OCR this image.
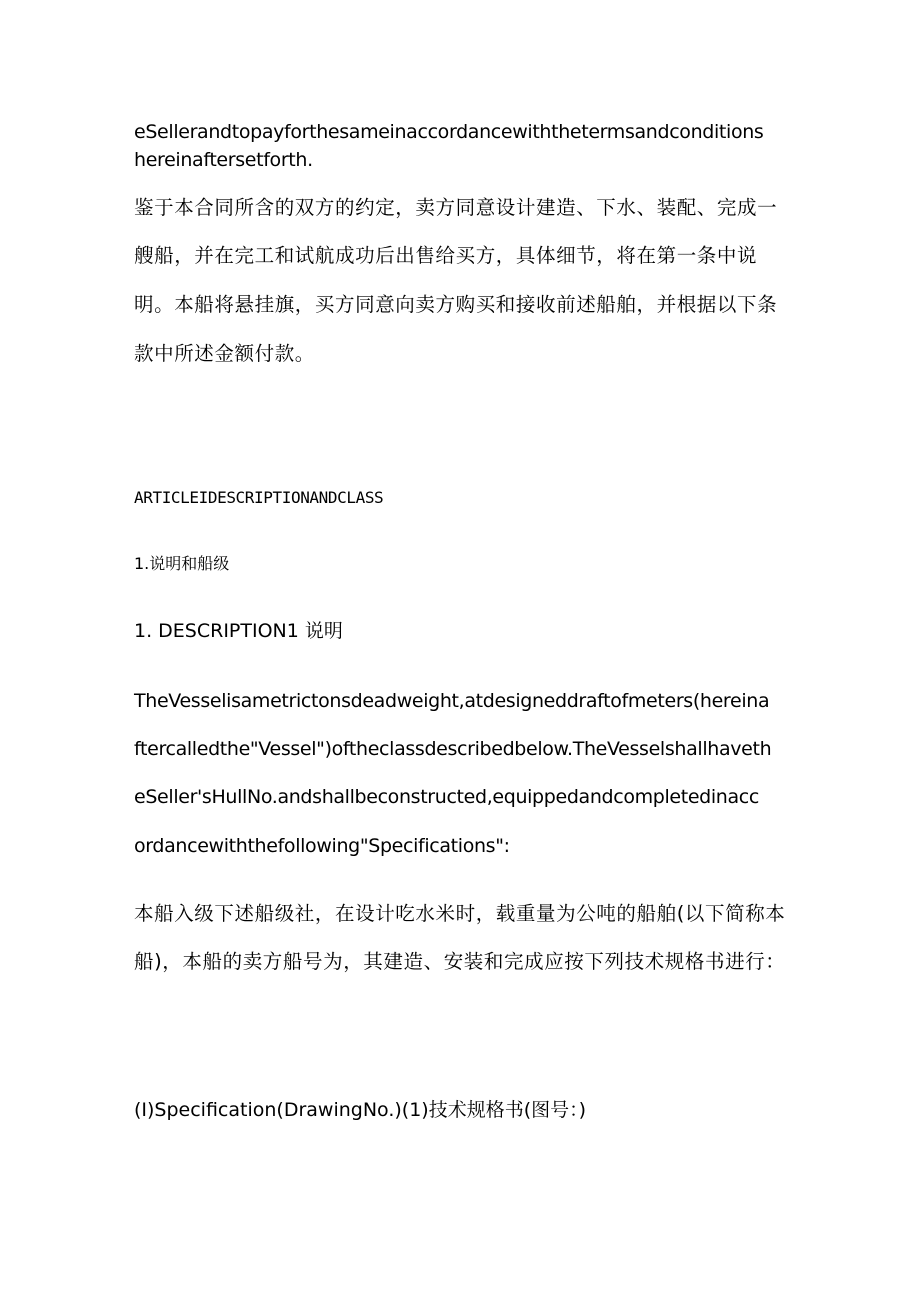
eSellerandtopayforthesameinaccordancewiththetermsandconditions
hereinaftersetforth.
鉴于本合同所含的双方的约定，卖方同意设计建造、下水、装配、完成一
艘船，并在完工和试航成功后出售给买方，具体细节，将在第一条中说
明。本船将悬挂旗，买方同意向卖方购买和接收前述船舶，并根据以下条
款中所述金额付款。
ARTICLEIDESCRIPTIONANDCLASS
1.说明和船级
1. DESCRIPTION1 说明
TheVesselisametrictonsdeadweight,atdesigneddraftofmeters(hereina
ftercalledthe"Vessel")oftheclassdescribedbelow.TheVesselshallhaveth
eSeller'sHullNo.andshallbeconstructed,equippedandcompletedinacc
ordancewiththefollowing"Specifications":
本船入级下述船级社，在设计吃水米时，载重量为公吨的船舶(以下简称本
船)，本船的卖方船号为，其建造、安装和完成应按下列技术规格书进行：
(I)Specification(DrawingNo.)(1)技术规格书(图号：)
